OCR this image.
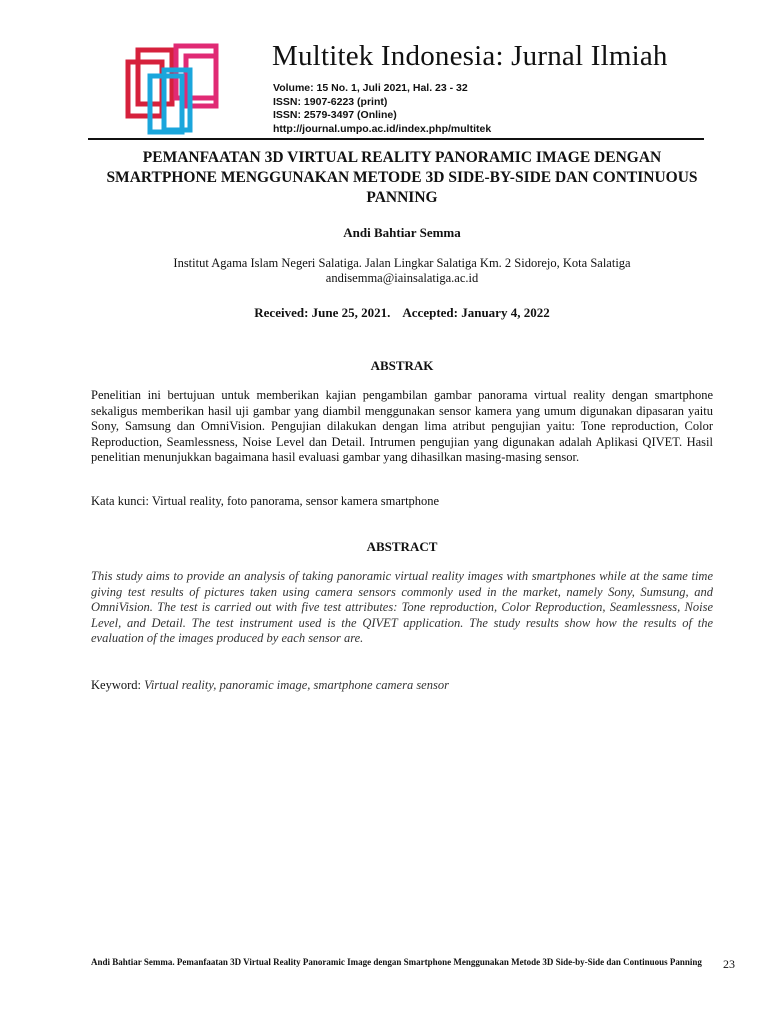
Multitek Indonesia: Jurnal Ilmiah
Volume: 15 No. 1, Juli 2021, Hal. 23 - 32
ISSN: 1907-6223 (print)
ISSN: 2579-3497 (Online)
http://journal.umpo.ac.id/index.php/multitek
PEMANFAATAN 3D VIRTUAL REALITY PANORAMIC IMAGE DENGAN SMARTPHONE MENGGUNAKAN METODE 3D SIDE-BY-SIDE DAN CONTINUOUS PANNING
Andi Bahtiar Semma
Institut Agama Islam Negeri Salatiga. Jalan Lingkar Salatiga Km. 2 Sidorejo, Kota Salatiga
andisemma@iainsalatiga.ac.id
Received: June 25, 2021. Accepted: January 4, 2022
ABSTRAK

Penelitian ini bertujuan untuk memberikan kajian pengambilan gambar panorama virtual reality dengan smartphone sekaligus memberikan hasil uji gambar yang diambil menggunakan sensor kamera yang umum digunakan dipasaran yaitu Sony, Samsung dan OmniVision. Pengujian dilakukan dengan lima atribut pengujian yaitu: Tone reproduction, Color Reproduction, Seamlessness, Noise Level dan Detail. Intrumen pengujian yang digunakan adalah Aplikasi QIVET. Hasil penelitian menunjukkan bagaimana hasil evaluasi gambar yang dihasilkan masing-masing sensor.

Kata kunci: Virtual reality, foto panorama, sensor kamera smartphone
ABSTRACT

This study aims to provide an analysis of taking panoramic virtual reality images with smartphones while at the same time giving test results of pictures taken using camera sensors commonly used in the market, namely Sony, Sumsung, and OmniVision. The test is carried out with five test attributes: Tone reproduction, Color Reproduction, Seamlessness, Noise Level, and Detail. The test instrument used is the QIVET application. The study results show how the results of the evaluation of the images produced by each sensor are.

Keyword: Virtual reality, panoramic image, smartphone camera sensor
Andi Bahtiar Semma. Pemanfaatan 3D Virtual Reality Panoramic Image dengan Smartphone Menggunakan Metode 3D Side-by-Side dan Continuous Panning	23
